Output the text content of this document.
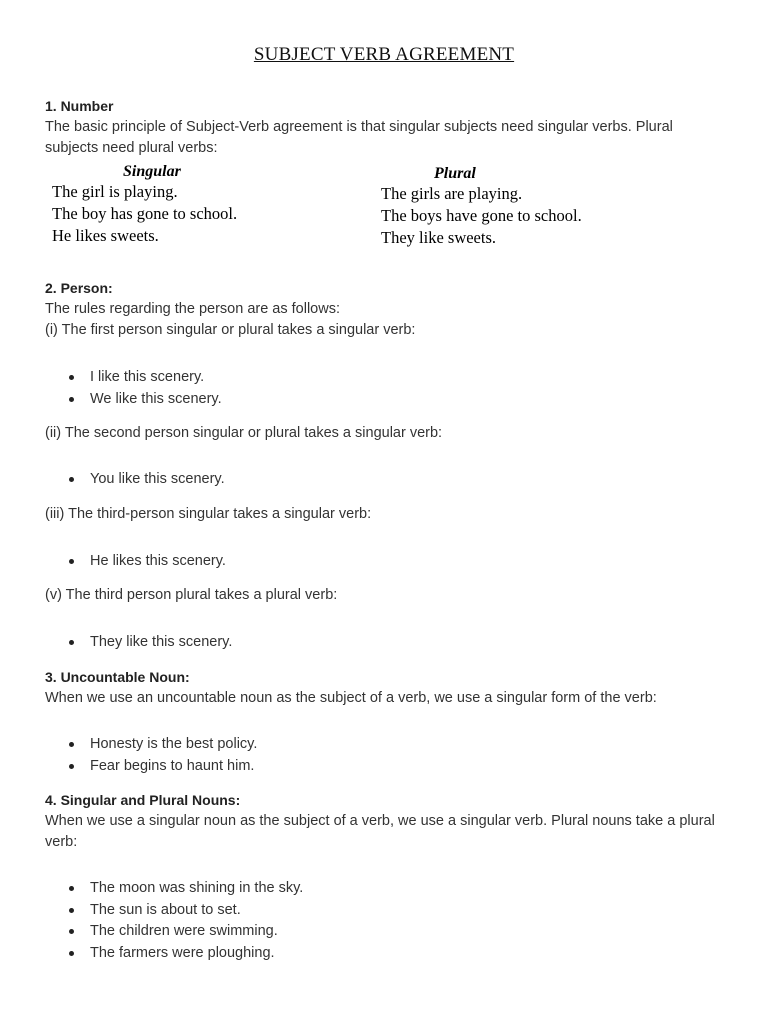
SUBJECT VERB AGREEMENT
1. Number
The basic principle of Subject-Verb agreement is that singular subjects need singular verbs. Plural subjects need plural verbs:
Singular
The girl is playing.
The boy has gone to school.
He likes sweets.
Plural
The girls are playing.
The boys have gone to school.
They like sweets.
2. Person:
The rules regarding the person are as follows:
(i) The first person singular or plural takes a singular verb:
I like this scenery.
We like this scenery.
(ii) The second person singular or plural takes a singular verb:
You like this scenery.
(iii) The third-person singular takes a singular verb:
He likes this scenery.
(v) The third person plural takes a plural verb:
They like this scenery.
3. Uncountable Noun:
When we use an uncountable noun as the subject of a verb, we use a singular form of the verb:
Honesty is the best policy.
Fear begins to haunt him.
4. Singular and Plural Nouns:
When we use a singular noun as the subject of a verb, we use a singular verb. Plural nouns take a plural verb:
The moon was shining in the sky.
The sun is about to set.
The children were swimming.
The farmers were ploughing.
